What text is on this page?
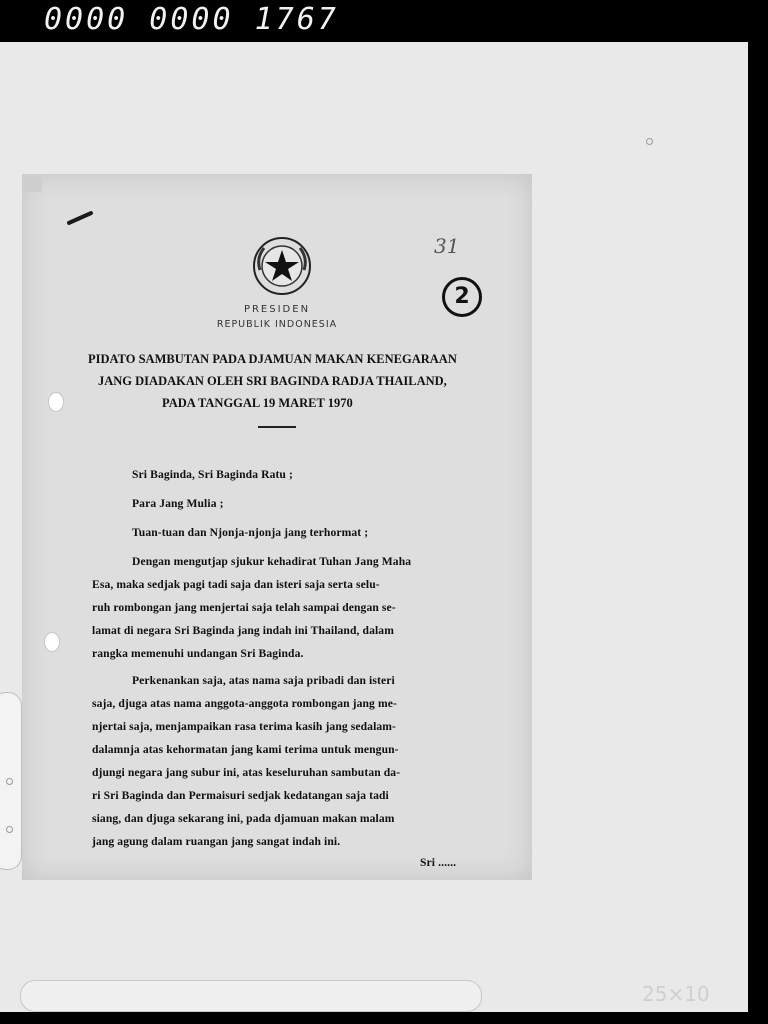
0000 0000 1767
25×10
PRESIDEN
REPUBLIK INDONESIA
31
2
PIDATO SAMBUTAN PADA DJAMUAN MAKAN KENEGARAAN
JANG DIADAKAN OLEH SRI BAGINDA RADJA THAILAND,
PADA TANGGAL 19 MARET 1970
Sri Baginda, Sri Baginda Ratu ;
Para Jang Mulia ;
Tuan-tuan dan Njonja-njonja jang terhormat ;
Dengan mengutjap sjukur kehadirat Tuhan Jang Maha
Esa, maka sedjak pagi tadi saja dan isteri saja serta selu-
ruh rombongan jang menjertai saja telah sampai dengan se-
lamat di negara Sri Baginda jang indah ini Thailand, dalam
rangka memenuhi undangan Sri Baginda.
Perkenankan saja, atas nama saja pribadi dan isteri
saja, djuga atas nama anggota-anggota rombongan jang me-
njertai saja, menjampaikan rasa terima kasih jang sedalam-
dalamnja atas kehormatan jang kami terima untuk mengun-
djungi negara jang subur ini, atas keseluruhan sambutan da-
ri Sri Baginda dan Permaisuri sedjak kedatangan saja tadi
siang, dan djuga sekarang ini, pada djamuan makan malam
jang agung dalam ruangan jang sangat indah ini.
Sri ......
